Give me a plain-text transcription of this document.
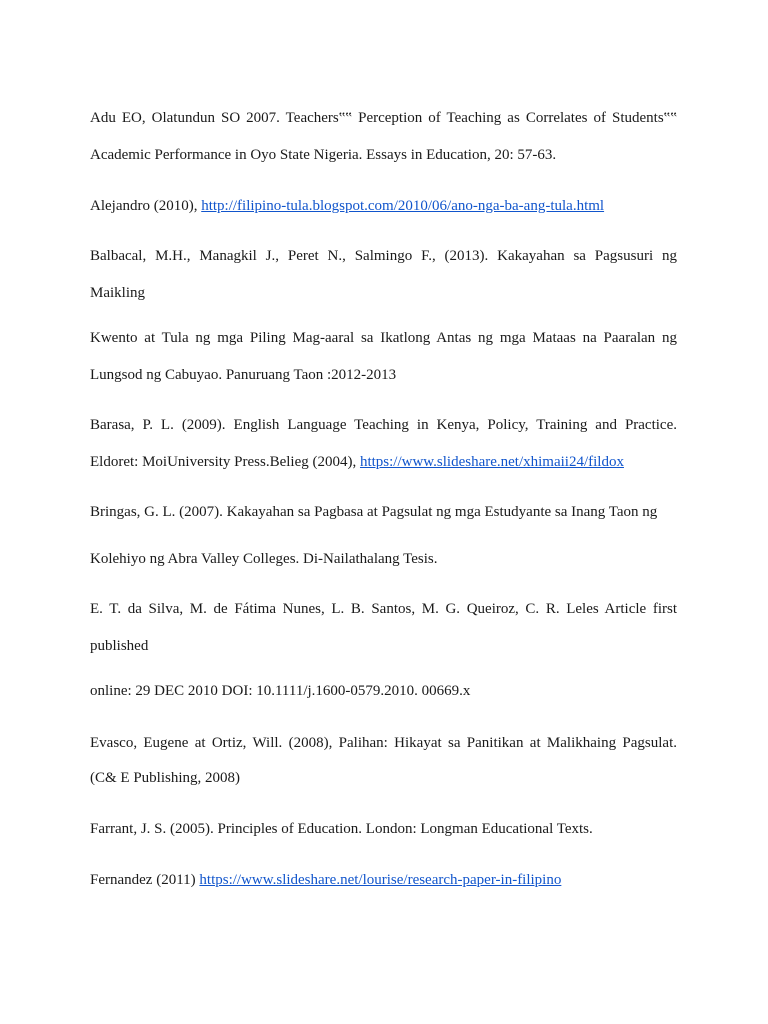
Adu EO, Olatundun SO 2007. Teachers‟‟ Perception of Teaching as Correlates of Students‟‟
Academic Performance in Oyo State Nigeria. Essays in Education, 20: 57-63.
Alejandro (2010), http://filipino-tula.blogspot.com/2010/06/ano-nga-ba-ang-tula.html
Balbacal, M.H., Managkil J., Peret N., Salmingo F., (2013). Kakayahan sa Pagsusuri ng
Maikling
Kwento at Tula ng mga Piling Mag-aaral sa Ikatlong Antas ng mga Mataas na Paaralan ng
Lungsod ng Cabuyao. Panuruang Taon :2012-2013
Barasa, P. L. (2009). English Language Teaching in Kenya, Policy, Training and Practice.
Eldoret: MoiUniversity Press.Belieg (2004), https://www.slideshare.net/xhimaii24/fildox
Bringas, G. L. (2007). Kakayahan sa Pagbasa at Pagsulat ng mga Estudyante sa Inang Taon ng
Kolehiyo ng Abra Valley Colleges. Di-Nailathalang Tesis.
E. T. da Silva, M. de Fátima Nunes, L. B. Santos, M. G. Queiroz, C. R. Leles Article first
published
online: 29 DEC 2010 DOI: 10.1111/j.1600-0579.2010. 00669.x
Evasco, Eugene at Ortiz, Will. (2008), Palihan: Hikayat sa Panitikan at Malikhaing Pagsulat.
(C& E Publishing, 2008)
Farrant, J. S. (2005). Principles of Education. London: Longman Educational Texts.
Fernandez (2011) https://www.slideshare.net/lourise/research-paper-in-filipino
